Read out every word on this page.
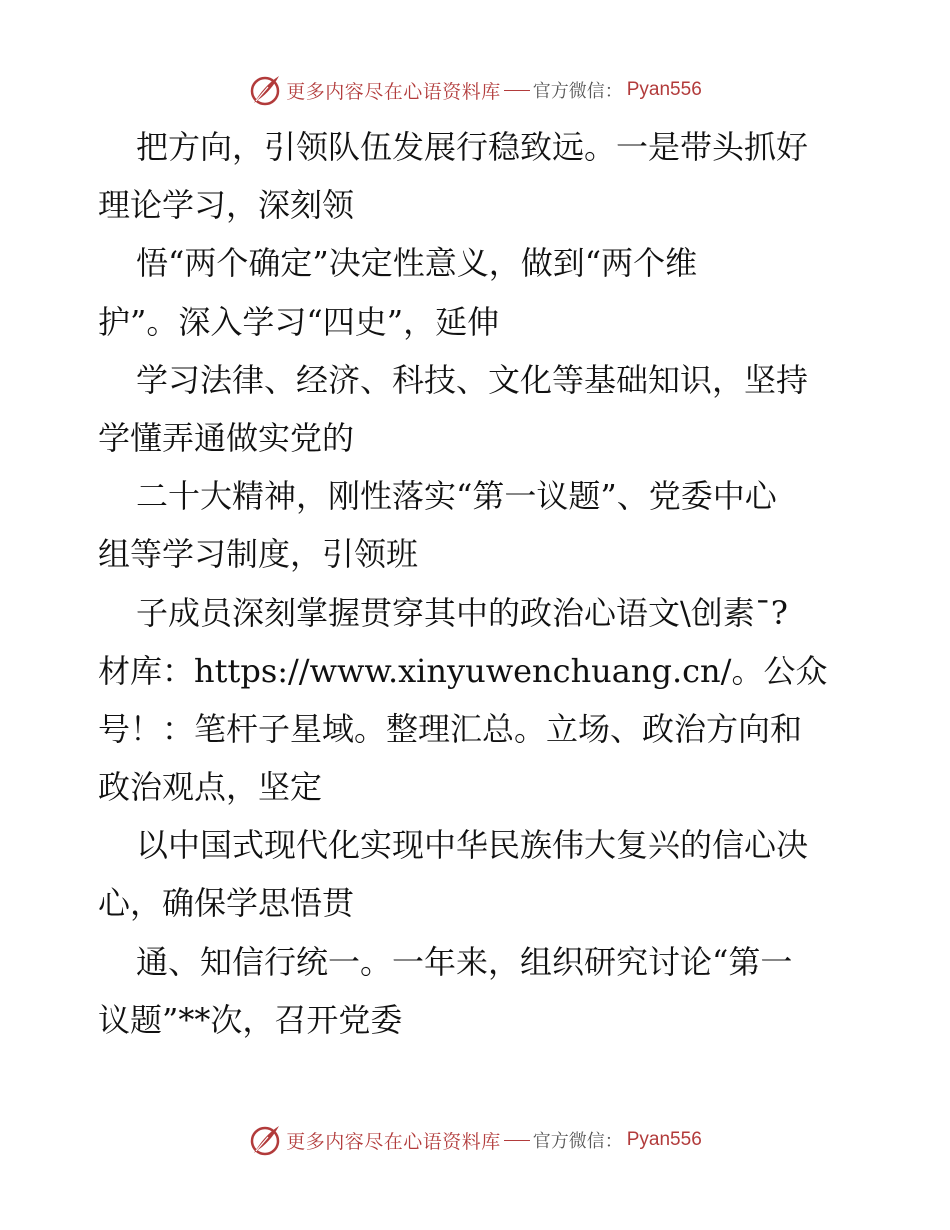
更多内容尽在心语资料库 官方微信： Pyan556
把方向，引领队伍发展行稳致远。一是带头抓好
理论学习，深刻领
悟“两个确定”决定性意义，做到“两个维
护”。深入学习“四史”，延伸
学习法律、经济、科技、文化等基础知识，坚持
学懂弄通做实党的
二十大精神，刚性落实“第一议题”、党委中心
组等学习制度，引领班
子成员深刻掌握贯穿其中的政治心语文\创素¯?
材库：https://www.xinyuwenchuang.cn/。公众
号！：笔杆子星域。整理汇总。立场、政治方向和
政治观点，坚定
以中国式现代化实现中华民族伟大复兴的信心决
心，确保学思悟贯
通、知信行统一。一年来，组织研究讨论“第一
议题”**次，召开党委
更多内容尽在心语资料库 官方微信： Pyan556
